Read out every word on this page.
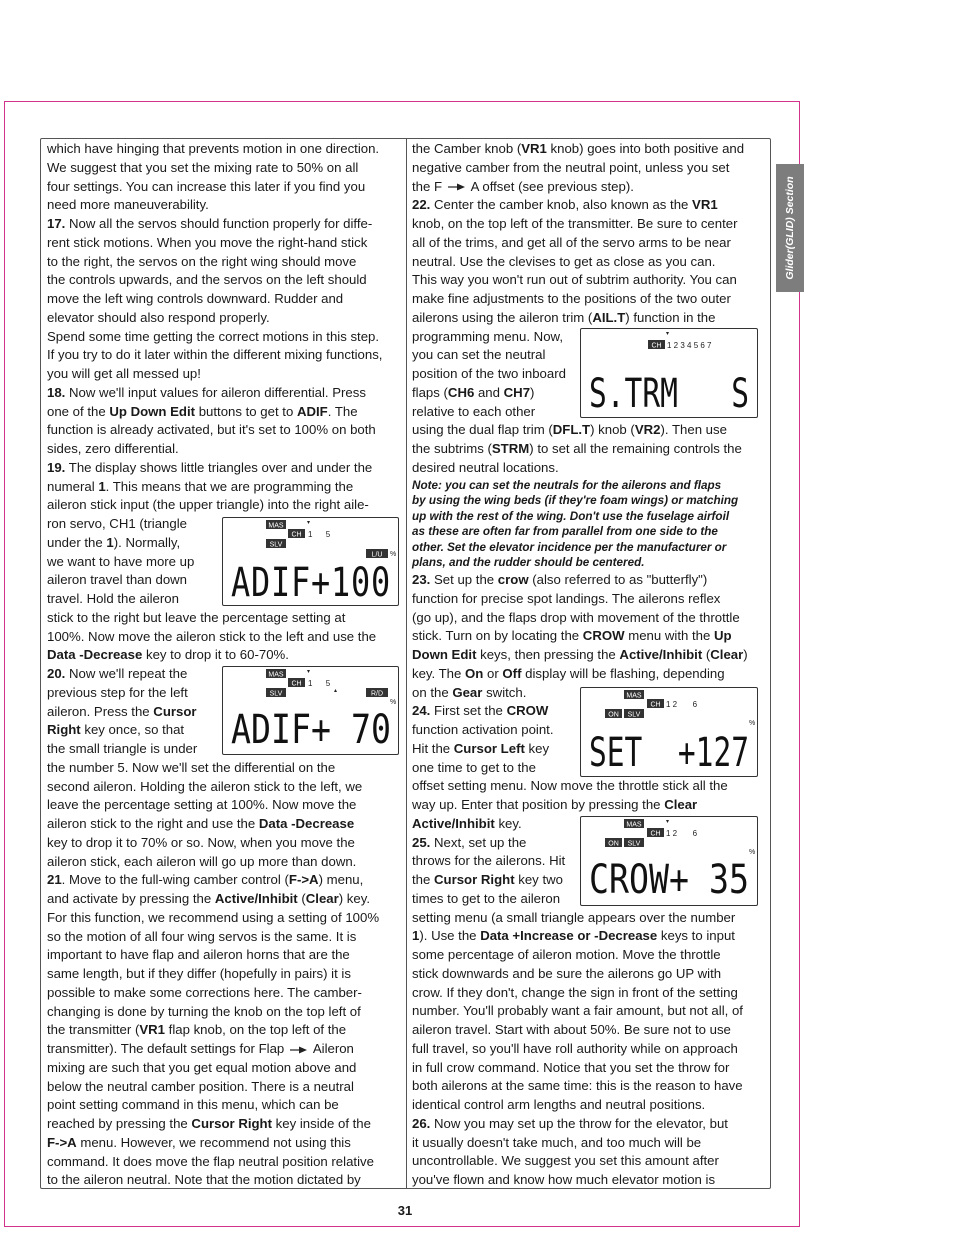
Glider(GLID) Section
which have hinging that prevents motion in one direction.
We suggest that you set the mixing rate to 50% on all
four settings. You can increase this later if you find you
need more maneuverability.
17. Now all the servos should function properly for diffe-
rent stick motions. When you move the right-hand stick
to the right, the servos on the right wing should move
the controls upwards, and the servos on the left should
move the left wing controls downward. Rudder and
elevator should also respond properly.
Spend some time getting the correct motions in this step.
If you try to do it later within the different mixing functions,
you will get all messed up!
18. Now we'll input values for aileron differential. Press
one of the Up Down Edit buttons to get to ADIF. The
function is already activated, but it's set to 100% on both
sides, zero differential.
19. The display shows little triangles over and under the
numeral 1. This means that we are programming the
aileron stick input (the upper triangle) into the right aile-
ron servo, CH1 (triangle
under the 1). Normally,
we want to have more up
aileron travel than down
travel. Hold the aileron
stick to the right but leave the percentage setting at
100%. Now move the aileron stick to the left and use the
Data -Decrease key to drop it to 60-70%.
20. Now we'll repeat the
previous step for the left
aileron. Press the Cursor
Right key once, so that
the small triangle is under
the number 5. Now we'll set the differential on the
second aileron. Holding the aileron stick to the left, we
leave the percentage setting at 100%. Now move the
aileron stick to the right and use the Data -Decrease
key to drop it to 70% or so. Now, when you move the
aileron stick, each aileron will go up more than down.
21. Move to the full-wing camber control (F->A) menu,
and activate by pressing the Active/Inhibit (Clear) key.
For this function, we recommend using a setting of 100%
so the motion of all four wing servos is the same. It is
important to have flap and aileron horns that are the
same length, but if they differ (hopefully in pairs) it is
possible to make some corrections here. The camber-
changing is done by turning the knob on the top left of
the transmitter (VR1 flap knob, on the top left of the
transmitter). The default settings for Flap  Aileron
mixing are such that you get equal motion above and
below the neutral camber position. There is a neutral
point setting command in this menu, which can be
reached by pressing the Cursor Right key inside of the
F->A menu. However, we recommend not using this
command. It does move the flap neutral position relative
to the aileron neutral. Note that the motion dictated by
the Camber knob (VR1 knob) goes into both positive and
negative camber from the neutral point, unless you set
the F  A offset (see previous step).
22. Center the camber knob, also known as the VR1
knob, on the top left of the transmitter. Be sure to center
all of the trims, and get all of the servo arms to be near
neutral. Use the clevises to get as close as you can.
This way you won't run out of subtrim authority. You can
make fine adjustments to the positions of the two outer
ailerons using the aileron trim (AIL.T) function in the
programming menu. Now,
you can set the neutral
position of the two inboard
flaps (CH6 and CH7)
relative to each other
using the dual flap trim (DFL.T) knob (VR2). Then use
the subtrims (STRM) to set all the remaining controls the
desired neutral locations.
Note: you can set the neutrals for the ailerons and flaps
by using the wing beds (if they're foam wings) or matching
up with the rest of the wing. Don't use the fuselage airfoil
as these are often far from parallel from one side to the
other. Set the elevator incidence per the manufacturer or
plans, and the rudder should be centered.
23. Set up the crow (also referred to as "butterfly")
function for precise spot landings. The ailerons reflex
(go up), and the flaps drop with movement of the throttle
stick. Turn on by locating the CROW menu with the Up
Down Edit keys, then pressing the Active/Inhibit (Clear)
key. The On or Off display will be flashing, depending
on the Gear switch.
24. First set the CROW
function activation point.
Hit the Cursor Left key
one time to get to the
offset setting menu. Now move the throttle stick all the
way up. Enter that position by pressing the Clear
Active/Inhibit key.
25. Next, set up the
throws for the ailerons. Hit
the Cursor Right key two
times to get to the aileron
setting menu (a small triangle appears over the number
1). Use the Data +Increase or -Decrease keys to input
some percentage of aileron motion. Move the throttle
stick downwards and be sure the ailerons go UP with
crow. If they don't, change the sign in front of the setting
number. You'll probably want a fair amount, but not all, of
aileron travel. Start with about 50%. Be sure not to use
full travel, so you'll have roll authority while on approach
in full crow command. Notice that you set the throw for
both ailerons at the same time: this is the reason to have
identical control arm lengths and neutral positions.
26. Now you may set up the throw for the elevator, but
it usually doesn't take much, and too much will be
uncontrollable. We suggest you set this amount after
you've flown and know how much elevator motion is
MAS
CH 1      5
SLV
L/U %
ADIF+100
MAS
CH 1      5
SLV	R/D
%
ADIF+ 70
CH 1 2 3 4 5 6 7
S.TRM   S
MAS
CH 1 2       6
ON SLV
%
SET  +127
MAS
CH 1 2       6
ON SLV
%
CROW+ 35
31
